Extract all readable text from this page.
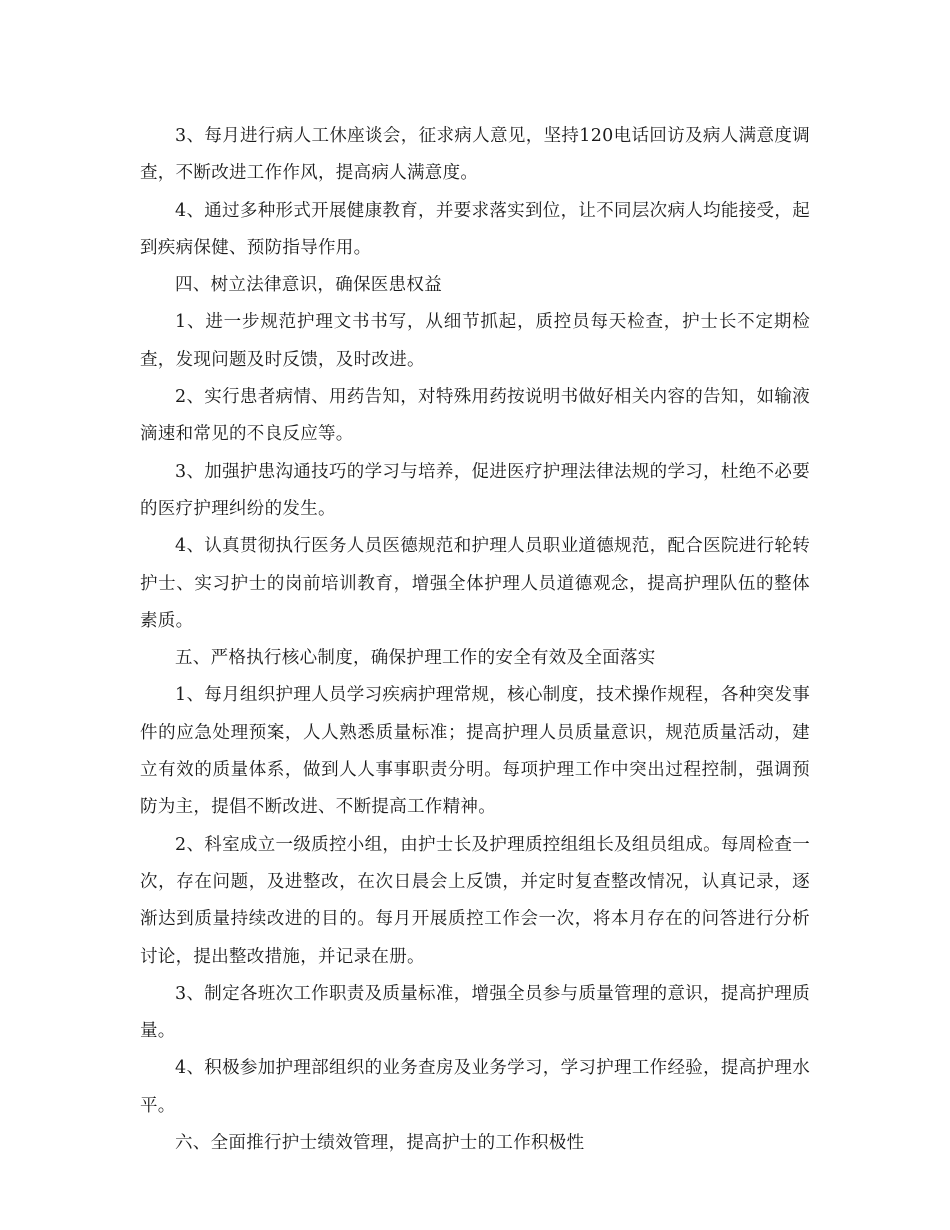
3、每月进行病人工休座谈会，征求病人意见，坚持120电话回访及病人满意度调查，不断改进工作作风，提高病人满意度。

4、通过多种形式开展健康教育，并要求落实到位，让不同层次病人均能接受，起到疾病保健、预防指导作用。

四、树立法律意识，确保医患权益

1、进一步规范护理文书书写，从细节抓起，质控员每天检查，护士长不定期检查，发现问题及时反馈，及时改进。

2、实行患者病情、用药告知，对特殊用药按说明书做好相关内容的告知，如输液滴速和常见的不良反应等。

3、加强护患沟通技巧的学习与培养，促进医疗护理法律法规的学习，杜绝不必要的医疗护理纠纷的发生。

4、认真贯彻执行医务人员医德规范和护理人员职业道德规范，配合医院进行轮转护士、实习护士的岗前培训教育，增强全体护理人员道德观念，提高护理队伍的整体素质。

五、严格执行核心制度，确保护理工作的安全有效及全面落实

1、每月组织护理人员学习疾病护理常规，核心制度，技术操作规程，各种突发事件的应急处理预案，人人熟悉质量标准；提高护理人员质量意识，规范质量活动，建立有效的质量体系，做到人人事事职责分明。每项护理工作中突出过程控制，强调预防为主，提倡不断改进、不断提高工作精神。

2、科室成立一级质控小组，由护士长及护理质控组组长及组员组成。每周检查一次，存在问题，及进整改，在次日晨会上反馈，并定时复查整改情况，认真记录，逐渐达到质量持续改进的目的。每月开展质控工作会一次，将本月存在的问答进行分析讨论，提出整改措施，并记录在册。

3、制定各班次工作职责及质量标准，增强全员参与质量管理的意识，提高护理质量。

4、积极参加护理部组织的业务查房及业务学习，学习护理工作经验，提高护理水平。

六、全面推行护士绩效管理，提高护士的工作积极性
